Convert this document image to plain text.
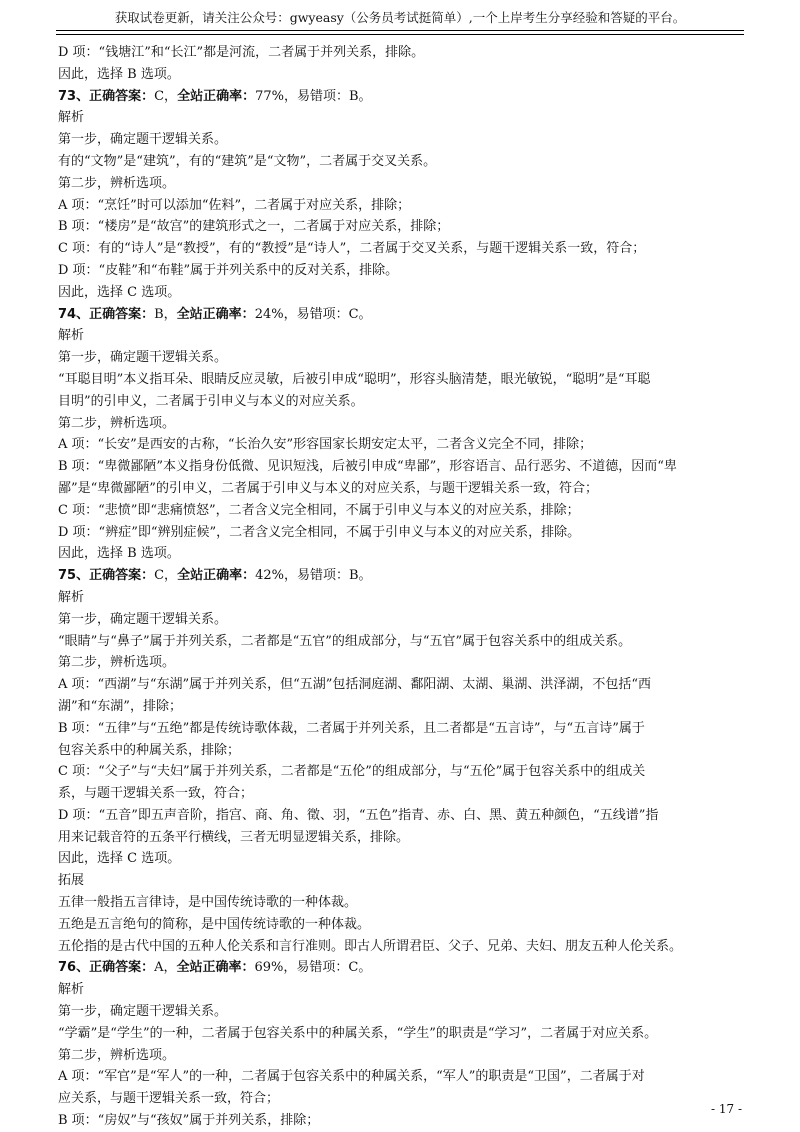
获取试卷更新，请关注公众号：gwyeasy（公务员考试挺简单）,一个上岸考生分享经验和答疑的平台。
D 项：“钱塘江”和“长江”都是河流，二者属于并列关系，排除。
因此，选择 B 选项。
73、正确答案：C，全站正确率：77%，易错项：B。
解析
第一步，确定题干逻辑关系。
有的“文物”是“建筑”，有的“建筑”是“文物”，二者属于交叉关系。
第二步，辨析选项。
A 项：“烹饪”时可以添加“佐料”，二者属于对应关系，排除；
B 项：“楼房”是“故宫”的建筑形式之一，二者属于对应关系，排除；
C 项：有的“诗人”是“教授”，有的“教授”是“诗人”，二者属于交叉关系，与题干逻辑关系一致，符合；
D 项：“皮鞋”和“布鞋”属于并列关系中的反对关系，排除。
因此，选择 C 选项。
74、正确答案：B，全站正确率：24%，易错项：C。
解析
第一步，确定题干逻辑关系。
“耳聪目明”本义指耳朵、眼睛反应灵敏，后被引申成“聪明”，形容头脑清楚，眼光敏锐，“聪明”是“耳聪
目明”的引申义，二者属于引申义与本义的对应关系。
第二步，辨析选项。
A 项：“长安”是西安的古称，“长治久安”形容国家长期安定太平，二者含义完全不同，排除；
B 项：“卑微鄙陋”本义指身份低微、见识短浅，后被引申成“卑鄙”，形容语言、品行恶劣、不道德，因而“卑
鄙”是“卑微鄙陋”的引申义，二者属于引申义与本义的对应关系，与题干逻辑关系一致，符合；
C 项：“悲愤”即“悲痛愤怒”，二者含义完全相同，不属于引申义与本义的对应关系，排除；
D 项：“辨症”即“辨别症候”，二者含义完全相同，不属于引申义与本义的对应关系，排除。
因此，选择 B 选项。
75、正确答案：C，全站正确率：42%，易错项：B。
解析
第一步，确定题干逻辑关系。
“眼睛”与“鼻子”属于并列关系，二者都是“五官”的组成部分，与“五官”属于包容关系中的组成关系。
第二步，辨析选项。
A 项：“西湖”与“东湖”属于并列关系，但“五湖”包括洞庭湖、鄱阳湖、太湖、巢湖、洪泽湖，不包括“西
湖”和“东湖”，排除；
B 项：“五律”与“五绝”都是传统诗歌体裁，二者属于并列关系，且二者都是“五言诗”，与“五言诗”属于
包容关系中的种属关系，排除；
C 项：“父子”与“夫妇”属于并列关系，二者都是“五伦”的组成部分，与“五伦”属于包容关系中的组成关
系，与题干逻辑关系一致，符合；
D 项：“五音”即五声音阶，指宫、商、角、徵、羽，“五色”指青、赤、白、黑、黄五种颜色，“五线谱”指
用来记载音符的五条平行横线，三者无明显逻辑关系，排除。
因此，选择 C 选项。
拓展
五律一般指五言律诗，是中国传统诗歌的一种体裁。
五绝是五言绝句的简称，是中国传统诗歌的一种体裁。
五伦指的是古代中国的五种人伦关系和言行准则。即古人所谓君臣、父子、兄弟、夫妇、朋友五种人伦关系。
76、正确答案：A，全站正确率：69%，易错项：C。
解析
第一步，确定题干逻辑关系。
“学霸”是“学生”的一种，二者属于包容关系中的种属关系，“学生”的职责是“学习”，二者属于对应关系。
第二步，辨析选项。
A 项：“军官”是“军人”的一种，二者属于包容关系中的种属关系，“军人”的职责是“卫国”，二者属于对
应关系，与题干逻辑关系一致，符合；
B 项：“房奴”与“孩奴”属于并列关系，排除；
- 17 -
